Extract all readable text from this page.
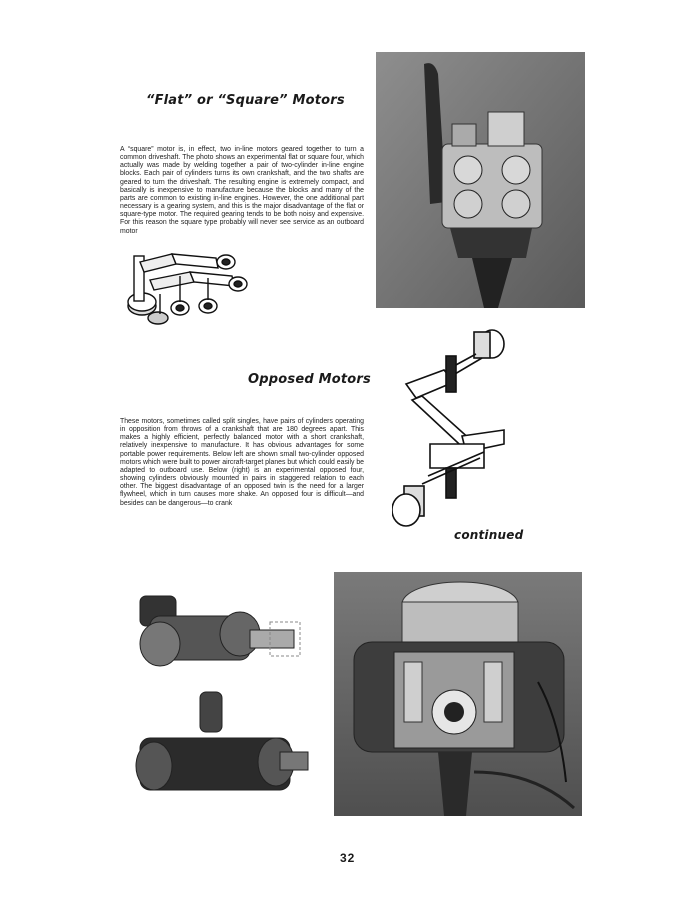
“Flat” or “Square” Motors

A “square” motor is, in effect, two in-line motors geared together to turn a common driveshaft. The photo shows an experimental flat or square four, which actually was made by welding together a pair of two-cylinder in-line engine blocks. Each pair of cylinders turns its own crankshaft, and the two shafts are geared to turn the driveshaft. The resulting engine is extremely compact, and basically is inexpensive to manufacture because the blocks and many of the parts are common to existing in-line engines. However, the one additional part necessary is a gearing system, and this is the major disadvantage of the flat or square-type motor. The required gearing tends to be both noisy and expensive. For this reason the square type probably will never see service as an outboard motor

Opposed Motors

These motors, sometimes called split singles, have pairs of cylinders operating in opposition from throws of a crankshaft that are 180 degrees apart. This makes a highly efficient, perfectly balanced motor with a short crankshaft, relatively inexpensive to manufacture. It has obvious advantages for some portable power requirements. Below left are shown small two-cylinder opposed motors which were built to power aircraft-target planes but which could easily be adapted to outboard use. Below (right) is an experimental opposed four, showing cylinders obviously mounted in pairs in staggered relation to each other. The biggest disadvantage of an opposed twin is the need for a larger flywheel, which in turn causes more shake. An opposed four is difficult—and besides can be dangerous—to crank

continued
32
